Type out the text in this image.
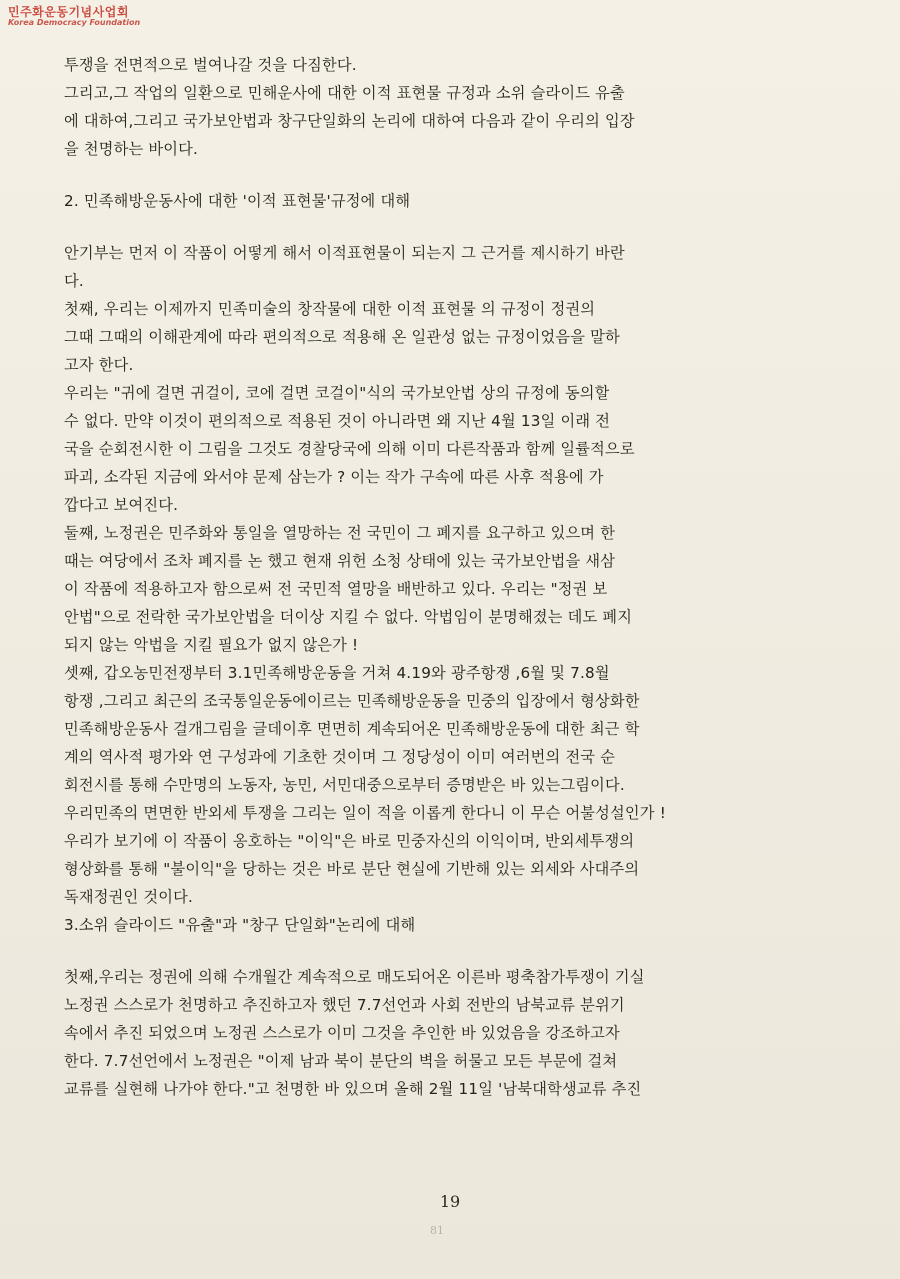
민주화운동기념사업회
Korea Democracy Foundation
투쟁을 전면적으로 벌여나갈 것을 다짐한다.
그리고,그 작업의 일환으로 민해운사에 대한 이적 표현물 규정과 소위 슬라이드 유출
에 대하여,그리고 국가보안법과 창구단일화의 논리에 대하여 다음과 같이 우리의 입장
을 천명하는 바이다.
2. 민족해방운동사에 대한 '이적 표현물'규정에 대해
안기부는 먼저 이 작품이 어떻게 해서 이적표현물이 되는지 그 근거를 제시하기 바란
다.
첫째, 우리는 이제까지 민족미술의 창작물에 대한 이적 표현물 의 규정이 정권의
그때 그때의 이해관계에 따라 편의적으로 적용해 온 일관성 없는 규정이었음을 말하
고자 한다.
우리는 "귀에 걸면 귀걸이, 코에 걸면 코걸이"식의 국가보안법 상의 규정에 동의할
수 없다. 만약 이것이 편의적으로 적용된 것이 아니라면 왜 지난 4월 13일 이래 전
국을 순회전시한 이 그림을 그것도 경찰당국에 의해 이미 다른작품과 함께 일률적으로
파괴, 소각된 지금에 와서야 문제 삼는가 ? 이는 작가 구속에 따른 사후 적용에 가
깝다고 보여진다.
둘째, 노정권은 민주화와 통일을 열망하는 전 국민이 그 폐지를 요구하고 있으며 한
때는 여당에서 조차 폐지를 논 했고 현재 위헌 소청 상태에 있는 국가보안법을 새삼
이 작품에 적용하고자 함으로써 전 국민적 열망을 배반하고 있다. 우리는 "정권 보
안법"으로 전락한 국가보안법을 더이상 지킬 수 없다. 악법임이 분명해졌는 데도 폐지
되지 않는 악법을 지킬 필요가 없지 않은가 !
셋째, 갑오농민전쟁부터 3.1민족해방운동을 거쳐 4.19와 광주항쟁 ,6월 및 7.8월
항쟁 ,그리고 최근의 조국통일운동에이르는 민족해방운동을 민중의 입장에서 형상화한
민족해방운동사 걸개그림을 글데이후 면면히 계속되어온 민족해방운동에 대한 최근 학
계의 역사적 평가와 연 구성과에 기초한 것이며 그 정당성이 이미 여러번의 전국 순
회전시를 통해 수만명의 노동자, 농민, 서민대중으로부터 증명받은 바 있는그림이다.
우리민족의 면면한 반외세 투쟁을 그리는 일이 적을 이롭게 한다니 이 무슨 어불성설인가 !
우리가 보기에 이 작품이 옹호하는 "이익"은 바로 민중자신의 이익이며, 반외세투쟁의
형상화를 통해 "불이익"을 당하는 것은 바로 분단 현실에 기반해 있는 외세와 사대주의
독재정권인 것이다.
3.소위 슬라이드 "유출"과 "창구 단일화"논리에 대해
첫째,우리는 정권에 의해 수개월간 계속적으로 매도되어온 이른바 평축참가투쟁이 기실
노정권 스스로가 천명하고 추진하고자 했던 7.7선언과 사회 전반의 남북교류 분위기
속에서 추진 되었으며 노정권 스스로가 이미 그것을 추인한 바 있었음을 강조하고자
한다. 7.7선언에서 노정권은 "이제 남과 북이 분단의 벽을 허물고 모든 부문에 걸쳐
교류를 실현해 나가야 한다."고 천명한 바 있으며 올해 2월 11일 '남북대학생교류 추진
19
81
